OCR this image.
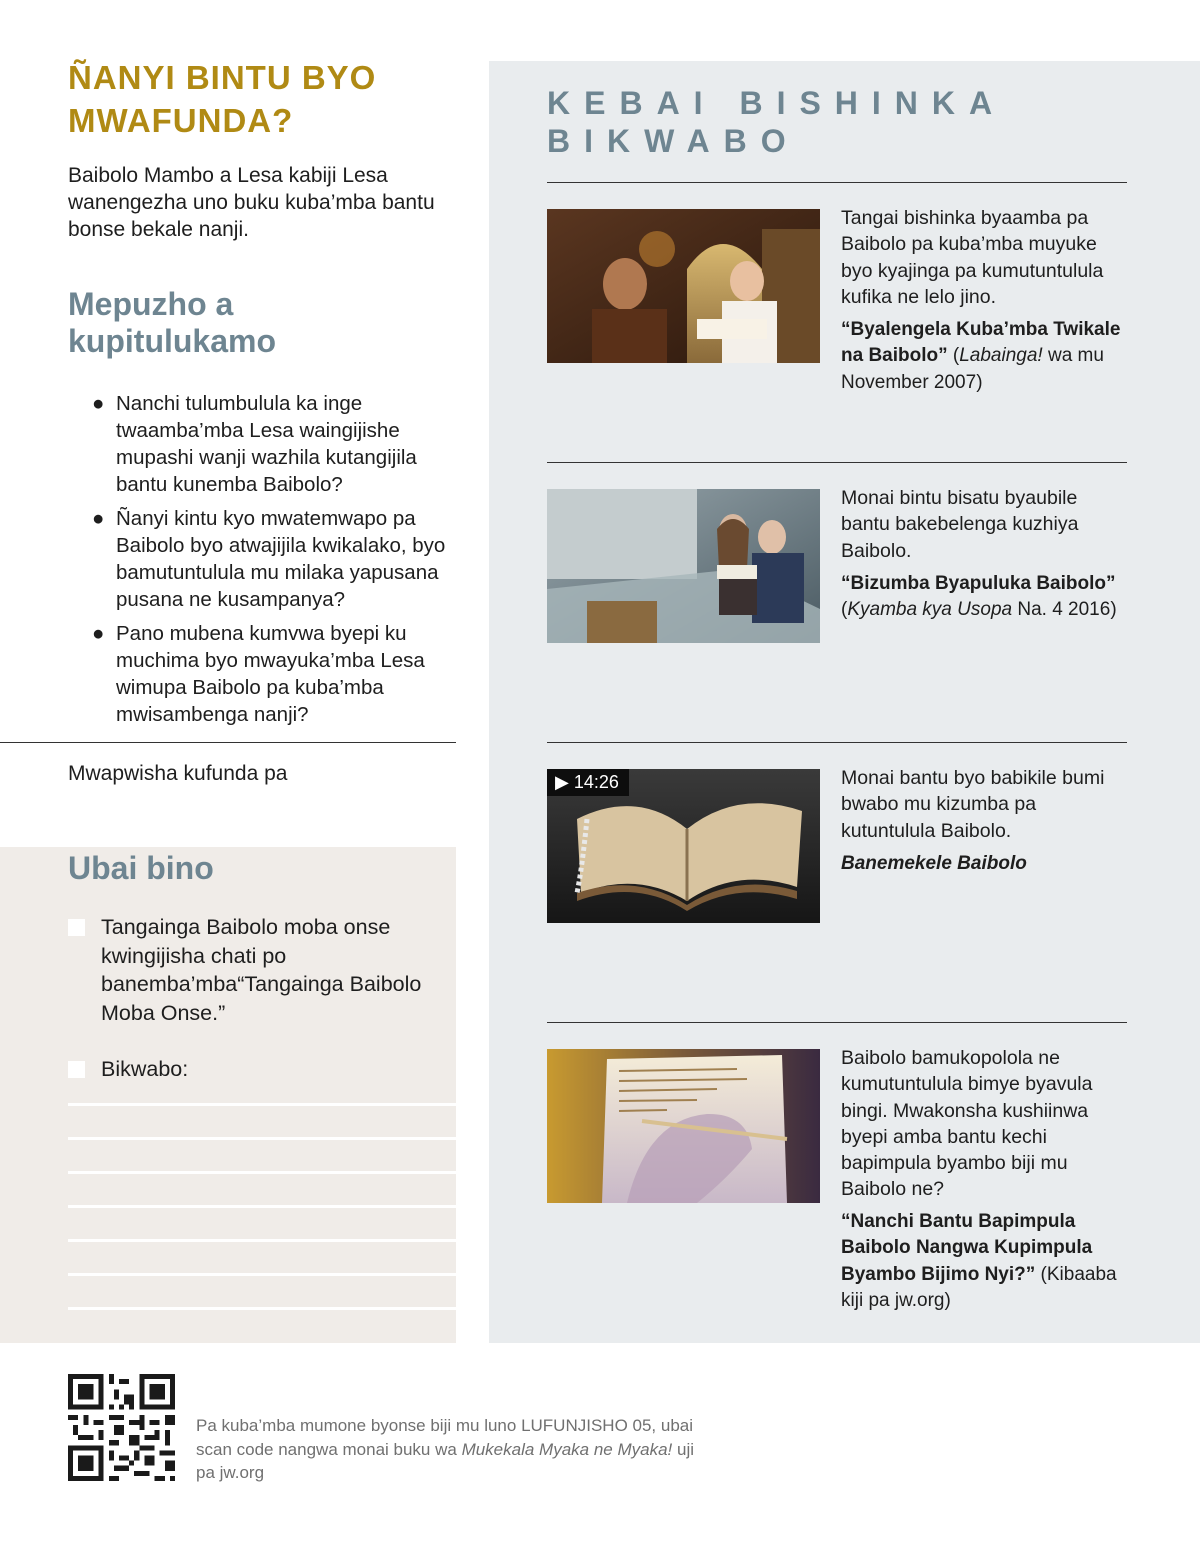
ÑANYI BINTU BYO MWAFUNDA?
Baibolo Mambo a Lesa kabiji Lesa wanengezha uno buku kuba’mba bantu bonse bekale nanji.
Mepuzho a kupitulukamo
● Nanchi tulumbulula ka inge twaamba’mba Lesa waingijishe mupashi wanji wazhila kutangijila bantu kunemba Baibolo?
● Ñanyi kintu kyo mwatemwapo pa Baibolo byo atwajijila kwikalako, byo bamutuntulula mu milaka yapusana pusana ne kusampanya?
● Pano mubena kumvwa byepi ku muchima byo mwayuka’mba Lesa wimupa Baibolo pa kuba’mba mwisambenga nanji?
Mwapwisha kufunda pa
Ubai bino
Tangainga Baibolo moba onse kwingijisha chati po banemba’mba“Tangainga Baibolo Moba Onse.”
Bikwabo:
KEBAI BISHINKA
BIKWABO
Tangai bishinka byaamba pa Baibolo pa kuba’mba muyuke byo kyajinga pa kumutuntulula kufika ne lelo jino.
“Byalengela Kuba’mba Twikale na Baibolo” (Labainga! wa mu November 2007)
Monai bintu bisatu byaubile bantu bakebelenga kuzhiya Baibolo.
“Bizumba Byapuluka Baibolo”
(Kyamba kya Usopa Na. 4 2016)
▶ 14:26	Monai bantu byo babikile bumi bwabo mu kizumba pa kutuntulula Baibolo.
Banemekele Baibolo
Baibolo bamukopolola ne kumutuntulula bimye byavula bingi. Mwakonsha kushiinwa byepi amba bantu kechi bapimpula byambo biji mu Baibolo ne?
“Nanchi Bantu Bapimpula Baibolo Nangwa Kupimpula Byambo Bijimo Nyi?” (Kibaaba kiji pa jw.org)
Pa kuba’mba mumone byonse biji mu luno LUFUNJISHO 05, ubai scan code nangwa monai buku wa Mukekala Myaka ne Myaka! uji pa jw.org
